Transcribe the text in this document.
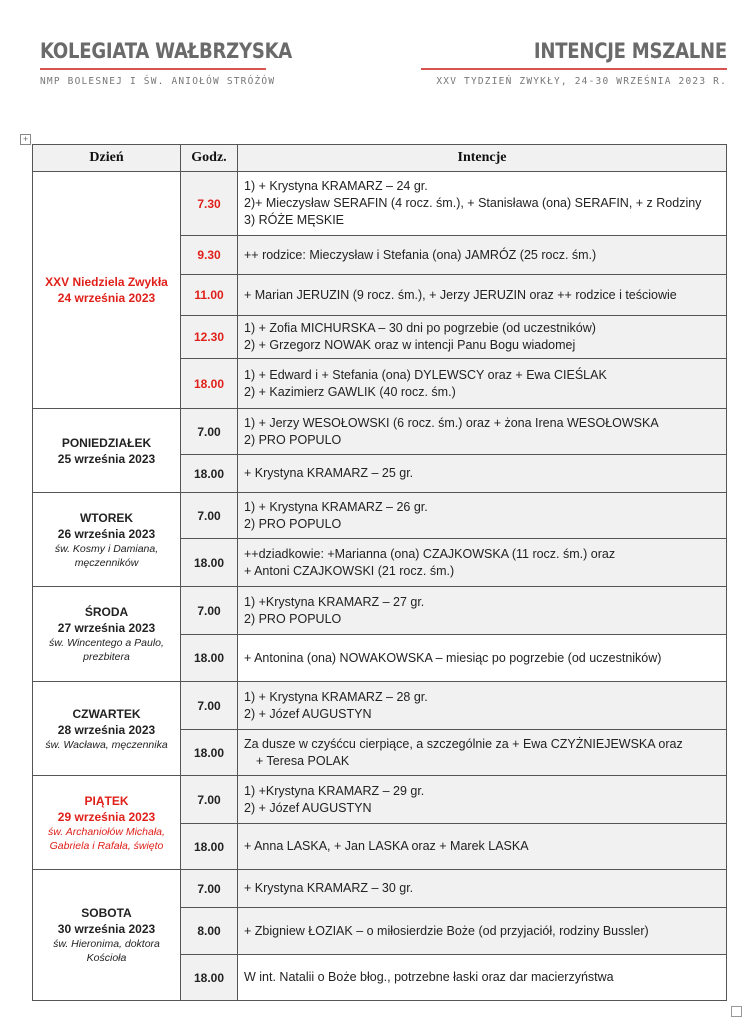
KOLEGIATA WAŁBRZYSKA
NMP BOLESNEJ I ŚW. ANIOŁÓW STRÓŻÓW
INTENCJE MSZALNE
XXV TYDZIEŃ ZWYKŁY, 24-30 WRZEŚNIA 2023 R.
+
Dzień	Godz.	Intencje

XXV Niedziela Zwykła
24 września 2023	7.30	1) + Krystyna KRAMARZ – 24 gr.
2)+ Mieczysław SERAFIN (4 rocz. śm.), + Stanisława (ona) SERAFIN, + z Rodziny
3) RÓŻE MĘSKIE

	9.30	++ rodzice: Mieczysław i Stefania (ona) JAMRÓZ (25 rocz. śm.)

	11.00	+ Marian JERUZIN (9 rocz. śm.), + Jerzy JERUZIN oraz ++ rodzice i teściowie

	12.30	1) + Zofia MICHURSKA – 30 dni po pogrzebie (od uczestników)
2) + Grzegorz NOWAK oraz w intencji Panu Bogu wiadomej

	18.00	1) + Edward i + Stefania (ona) DYLEWSCY oraz + Ewa CIEŚLAK
2) + Kazimierz GAWLIK (40 rocz. śm.)

PONIEDZIAŁEK
25 września 2023	7.00	1) + Jerzy WESOŁOWSKI (6 rocz. śm.) oraz + żona Irena WESOŁOWSKA
2) PRO POPULO

	18.00	+ Krystyna KRAMARZ – 25 gr.

WTOREK
26 września 2023
św. Kosmy i Damiana, męczenników	7.00	1) + Krystyna KRAMARZ – 26 gr.
2) PRO POPULO

	18.00	++dziadkowie: +Marianna (ona) CZAJKOWSKA (11 rocz. śm.) oraz
+ Antoni CZAJKOWSKI (21 rocz. śm.)

ŚRODA
27 września 2023
św. Wincentego a Paulo, prezbitera	7.00	1) +Krystyna KRAMARZ – 27 gr.
2) PRO POPULO

	18.00	+ Antonina (ona) NOWAKOWSKA – miesiąc po pogrzebie (od uczestników)

CZWARTEK
28 września 2023
św. Wacława, męczennika	7.00	1) + Krystyna KRAMARZ – 28 gr.
2) + Józef AUGUSTYN

	18.00	Za dusze w czyśćcu cierpiące, a szczególnie za + Ewa CZYŻNIEJEWSKA oraz
+ Teresa POLAK

PIĄTEK
29 września 2023
św. Archaniołów Michała, Gabriela i Rafała, święto	7.00	1) +Krystyna KRAMARZ – 29 gr.
2) + Józef AUGUSTYN

	18.00	+ Anna LASKA, + Jan LASKA oraz + Marek LASKA

SOBOTA
30 września 2023
św. Hieronima, doktora Kościoła	7.00	+ Krystyna KRAMARZ – 30 gr.

	8.00	+ Zbigniew ŁOZIAK – o miłosierdzie Boże (od przyjaciół, rodziny Bussler)

	18.00	W int. Natalii o Boże błog., potrzebne łaski oraz dar macierzyństwa
